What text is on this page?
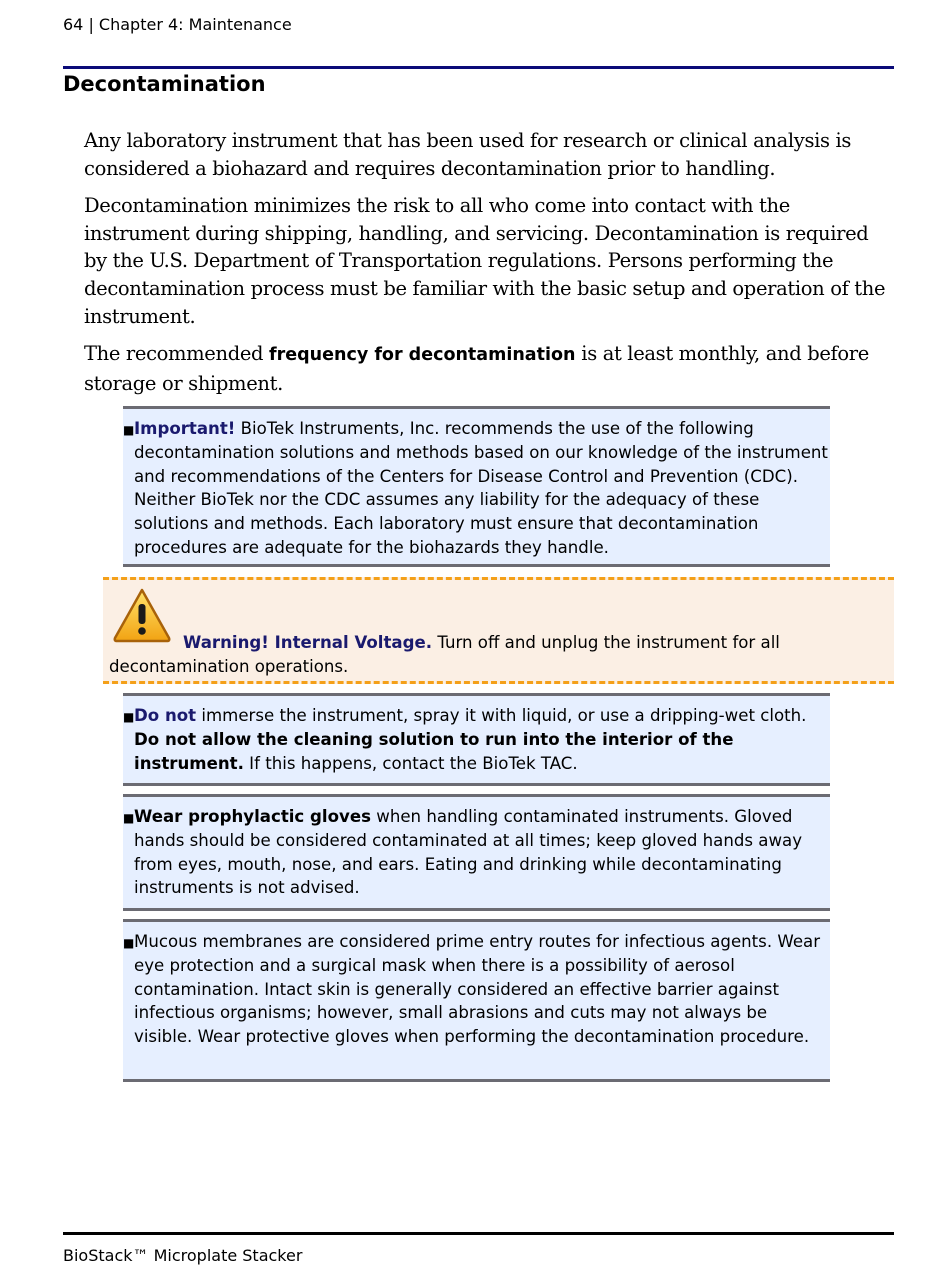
64 | Chapter 4: Maintenance
Decontamination
Any laboratory instrument that has been used for research or clinical analysis is considered a biohazard and requires decontamination prior to handling.
Decontamination minimizes the risk to all who come into contact with the instrument during shipping, handling, and servicing. Decontamination is required by the U.S. Department of Transportation regulations. Persons performing the decontamination process must be familiar with the basic setup and operation of the instrument.
The recommended frequency for decontamination is at least monthly, and before storage or shipment.
■ Important! BioTek Instruments, Inc. recommends the use of the following decontamination solutions and methods based on our knowledge of the instrument and recommendations of the Centers for Disease Control and Prevention (CDC). Neither BioTek nor the CDC assumes any liability for the adequacy of these solutions and methods. Each laboratory must ensure that decontamination procedures are adequate for the biohazards they handle.
Warning! Internal Voltage. Turn off and unplug the instrument for all
decontamination operations.
■ Do not immerse the instrument, spray it with liquid, or use a dripping-wet cloth. Do not allow the cleaning solution to run into the interior of the instrument. If this happens, contact the BioTek TAC.
■ Wear prophylactic gloves when handling contaminated instruments. Gloved hands should be considered contaminated at all times; keep gloved hands away from eyes, mouth, nose, and ears. Eating and drinking while decontaminating instruments is not advised.
■ Mucous membranes are considered prime entry routes for infectious agents. Wear eye protection and a surgical mask when there is a possibility of aerosol contamination. Intact skin is generally considered an effective barrier against infectious organisms; however, small abrasions and cuts may not always be visible. Wear protective gloves when performing the decontamination procedure.
BioStack™ Microplate Stacker
